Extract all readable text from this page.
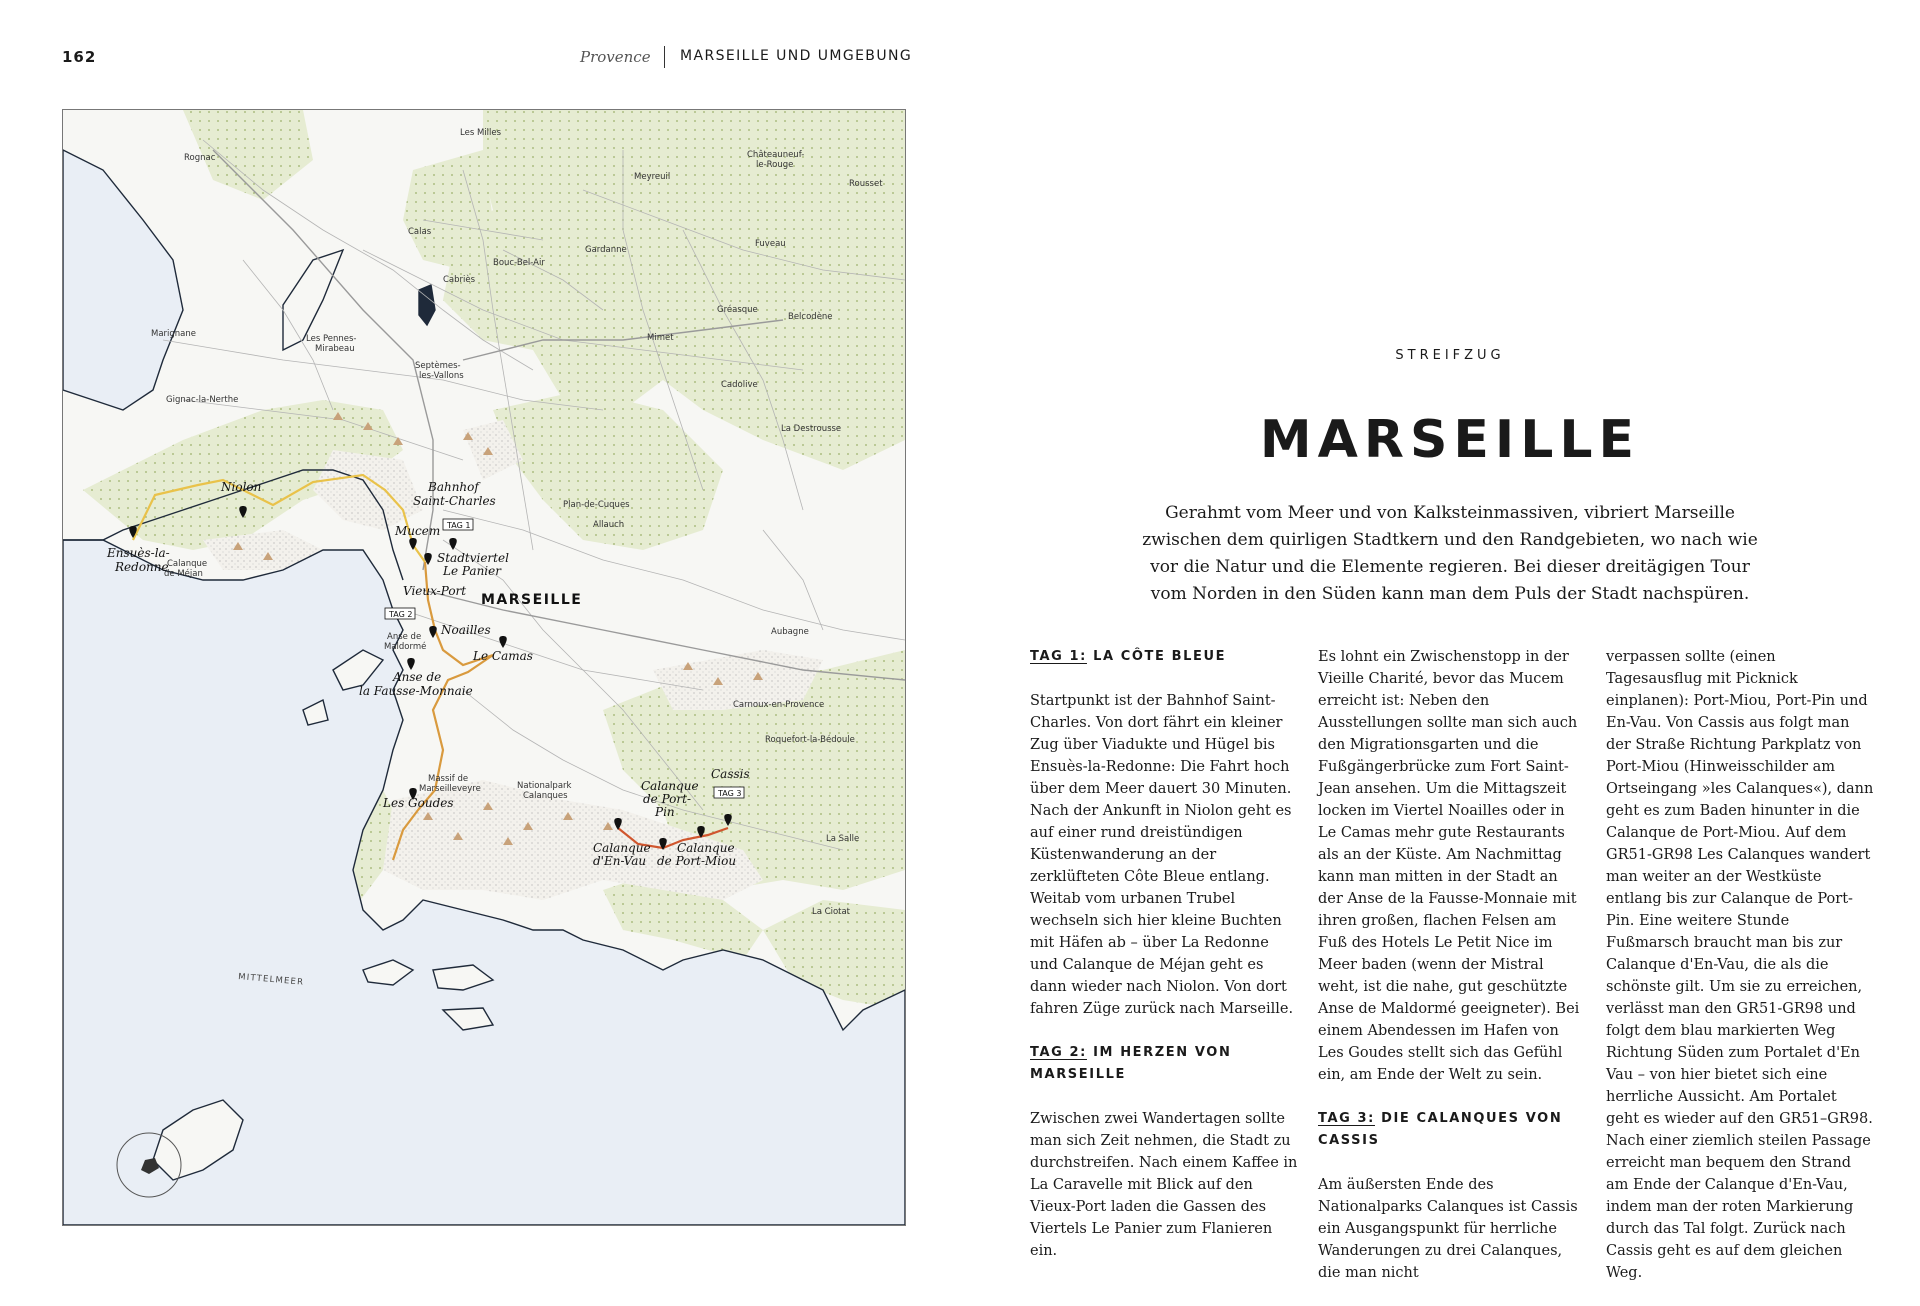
162	Provence MARSEILLE UND UMGEBUNG
Les Milles
Rognac	Châteauneuf-
le-Rouge
Meyreuil
Rousset
Calas
Bouc-Bel-Air
Gardanne
Fuveau
Cabriès
Gréasque
Belcodène
Marignane	Les Pennes-
Mirabeau
Mimet
Septèmes-
les-Vallons
Cadolive
Gignac-la-Nerthe
La Destrousse
Plan-de-Cuques
Allauch
Calanque
de Méjan
Anse de
Maldormé
Aubagne
Carnoux-en-Provence
Roquefort-la-Bédoule
Massif de
Marseilleveyre	Nationalpark
Calanques
La Ciotat
La Salle
Niolon
Ensuès-la-
Redonne
Bahnhof
Saint-Charles
Mucem
Stadtviertel
Le Panier
Vieux-Port
Noailles
Le Camas
Anse de
la Fausse-Monnaie
Les Goudes
Calanque
de Port-
Pin
Cassis
Calanque
d'En-Vau
Calanque
de Port-Miou
MARSEILLE
MITTELMEER
TAG 1
TAG 2
TAG 3
STREIFZUG
MARSEILLE
Gerahmt vom Meer und von Kalksteinmassiven, vibriert Marseille zwischen dem quirligen Stadtkern und den Randgebieten, wo nach wie vor die Natur und die Elemente regieren. Bei dieser dreitägigen Tour vom Norden in den Süden kann man dem Puls der Stadt nachspüren.
TAG 1: LA CÔTE BLEUE

Startpunkt ist der Bahnhof Saint-Charles. Von dort fährt ein kleiner Zug über Viadukte und Hügel bis Ensuès-la-Redonne: Die Fahrt hoch über dem Meer dauert 30 Minuten. Nach der Ankunft in Niolon geht es auf einer rund dreistündigen Küstenwanderung an der zerklüfteten Côte Bleue entlang. Weitab vom urbanen Trubel wechseln sich hier kleine Buchten mit Häfen ab – über La Redonne und Calanque de Méjan geht es dann wieder nach Niolon. Von dort fahren Züge zurück nach Marseille.

TAG 2: IM HERZEN VON MARSEILLE

Zwischen zwei Wandertagen sollte man sich Zeit nehmen, die Stadt zu durchstreifen. Nach einem Kaffee in La Caravelle mit Blick auf den Vieux-Port laden die Gassen des Viertels Le Panier zum Flanieren ein.

Es lohnt ein Zwischenstopp in der Vieille Charité, bevor das Mucem erreicht ist: Neben den Ausstellungen sollte man sich auch den Migrationsgarten und die Fußgängerbrücke zum Fort Saint-Jean ansehen. Um die Mittagszeit locken im Viertel Noailles oder in Le Camas mehr gute Restaurants als an der Küste. Am Nachmittag kann man mitten in der Stadt an der Anse de la Fausse-Monnaie mit ihren großen, flachen Felsen am Fuß des Hotels Le Petit Nice im Meer baden (wenn der Mistral weht, ist die nahe, gut geschützte Anse de Maldormé geeigneter). Bei einem Abendessen im Hafen von Les Goudes stellt sich das Gefühl ein, am Ende der Welt zu sein.

TAG 3: DIE CALANQUES VON CASSIS

Am äußersten Ende des Nationalparks Calanques ist Cassis ein Ausgangspunkt für herrliche Wanderungen zu drei Calanques, die man nicht

verpassen sollte (einen Tagesausflug mit Picknick einplanen): Port-Miou, Port-Pin und En-Vau. Von Cassis aus folgt man der Straße Richtung Parkplatz von Port-Miou (Hinweisschilder am Ortseingang »les Calanques«), dann geht es zum Baden hinunter in die Calanque de Port-Miou. Auf dem GR51-GR98 Les Calanques wandert man weiter an der Westküste entlang bis zur Calanque de Port-Pin. Eine weitere Stunde Fußmarsch braucht man bis zur Calanque d'En-Vau, die als die schönste gilt. Um sie zu erreichen, verlässt man den GR51-GR98 und folgt dem blau markierten Weg Richtung Süden zum Portalet d'En Vau – von hier bietet sich eine herrliche Aussicht. Am Portalet geht es wieder auf den GR51–GR98. Nach einer ziemlich steilen Passage erreicht man bequem den Strand am Ende der Calanque d'En-Vau, indem man der roten Markierung durch das Tal folgt. Zurück nach Cassis geht es auf dem gleichen Weg.
